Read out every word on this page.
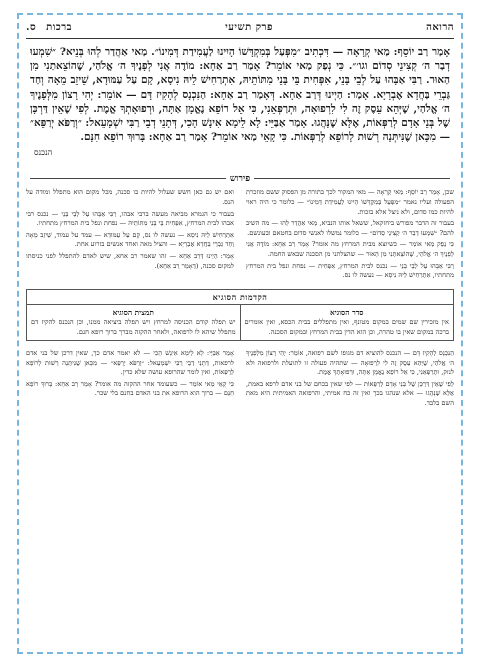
הרואה
פרק תשיעי
ברכות
ס.
אָמַר רַב יוֹסֵף: מַאי קְרָאָה — דִּכְתִיב ״מִפְּעַל בְּמִקְדָּשׁוֹ הָיִינוּ לַעֲמִידַת דְּמִינוֹ״. מַאי אַהֲדַר לְהוּ בְּנֵיא? ״שִׁמְעוּ דְבַר ה׳ קְצִינֵי סְדוֹם וגו׳״. כִּי נְפַק מַאי אוֹמֵר? אָמַר רַב אַחָא: מוֹדֶה אֲנִי לְפָנֶיךָ ה׳ אֱלֹהַי, שֶׁהוֹצֵאתַנִי מִן הַאוּר. רַבִּי אַבָּהוּ עַל לְבֵי בָּנֵי, אִפְּחִית בֵּי בָּנֵי מִתּוֹתֵיהּ, אִתְרַחִישׁ לֵיהּ נִיסָא, קָם עַל עַמּוּדָא, שֵׁיזֵב מֵאָה וְחַד גַּבְרֵי בַּחֲדָא אֶבְרָיָא. אָמַר: הַיְינוּ דְּרַב אַחָא. דְּאָמַר רַב אַחָא: הַנִּכְנָס לְהָקִיז דָּם — אוֹמֵר: יְהִי רָצוֹן מִלְּפָנֶיךָ ה׳ אֱלֹהַי, שֶׁיְּהֵא עֵסֶק זֶה לִי לִרְפוּאָה, וּתְרַפְּאֵנִי, כִּי אֵל רוֹפֵא נֶאֱמָן אַתָּה, וּרְפוּאָתְךָ אֱמֶת. לְפִי שֶׁאֵין דַּרְכָּן שֶׁל בְּנֵי אָדָם לְרַפְּאוֹת, אֶלָּא שֶׁנָּהֲגוּ. אָמַר אַבַּיֵּי: לָא לֵימָא אִינָשׁ הָכִי, דְּתָנֵי דְבֵי רַבִּי יִשְׁמָעֵאל: ״וְרַפֹּא יְרַפֵּא״ — מִכָּאן שֶׁנִּיתְּנָה רְשׁוּת לָרוֹפֵא לְרַפְּאוֹת. כִּי קָאֵי מַאי אוֹמֵר? אָמַר רַב אַחָא: בָּרוּךְ רוֹפֵא חִנָּם.
הנכנס
פירוש

שכן, אָמַר רַב יוֹסֵף: מַאי קְרָאָה — מאי המקור לכך בתורה מן הפסוק ששם מוזכרת הפעולה ועליו נאמר ״מִפְּעַל בְּמִקְדָּשׁוֹ הָיִינוּ לַעֲמִידַת דְּמִינוֹ״ — כלומר כי היה ראוי להיות כמו סדום, ולא ניצל אלא בזכות.

בעבור זה הדבר מפורש ביחזקאל, ששאל אותו הנביא, מַאי אַהֲדַר לְהוּ — מה השיב להם? ״שִׁמְעוּ דְבַר ה׳ קְצִינֵי סְדוֹם״ — כלומר נמשלו לאנשי סדום בחטאם ובעונשם.

כִּי נְפַק מַאי אוֹמֵר — כשיוצא מבית המרחץ מה אומר? אָמַר רַב אַחָא: מוֹדֶה אֲנִי לְפָנֶיךָ ה׳ אֱלֹהַי, שֶׁהוֹצֵאתַנִי מִן הָאוּר — שהצלתני מן הסכנה שבאש החמה.

רַבִּי אַבָּהוּ עַל לְבֵי בָּנֵי — נכנס לבית המרחץ, אִפְּחִית — נפחת ונפל בית המרחץ מתחתיו, אִתְרַחִישׁ לֵיהּ נִיסָא — נעשה לו נס.

ואם יש גם כאן חשש שעלול להיות בו סכנה, מכל מקום הוא מתפלל ומודה על הנס.

בעבור כי הגמרא מביאה מעשה ברבי אבהו, רַבִּי אַבָּהוּ עַל לְבֵי בָּנֵי — נכנס רבי אבהו לבית המרחץ, אִפְּחִית בֵּי בָּנֵי מִתּוֹתֵיהּ — נפחת ונפל בית המרחץ מתחתיו.

אִתְרַחִישׁ לֵיהּ נִיסָא — נעשה לו נס, קָם עַל עַמּוּדָא — עמד על עמוד, שֵׁיזֵב מֵאָה וְחַד גַּבְרֵי בַּחֲדָא אֶבְרָיָא — והציל מאה ואחד אנשים בזרוע אחת.

אָמַר: הַיְינוּ דְּרַב אַחָא — זהו שאמר רב אחא, שיש לאדם להתפלל לפני כניסתו למקום סכנה, (דְּאָמַר רַב אַחָא).

הקדמות הסוגיא
סדר הסוגיא
אין מזכירין שם שמים במקום מטונף, ואין מתפללים בבית הכסא, ואין אומרים ברכה במקום שאין בו טהרה, וכן הוא הדין בבית המרחץ ובמקום הסכנה.
תמצית הסוגיא
יש תפלה קודם הכניסה למרחץ ויש תפלה ביציאה ממנו, וכן הנכנס להקיז דם מתפלל שיהא לו לרפואה, ולאחר ההקזה מברך ברוך רופא חנם.

הַנִּכְנָס לְהָקִיז דָּם — הנכנס להוציא דם מגופו לשם רפואה, אוֹמֵר: יְהִי רָצוֹן מִלְּפָנֶיךָ ה׳ אֱלֹהַי, שֶׁיְּהֵא עֵסֶק זֶה לִי לִרְפוּאָה — שתהיה פעולה זו לתועלת ולרפואה ולא לנזק, וּתְרַפְּאֵנִי, כִּי אֵל רוֹפֵא נֶאֱמָן אַתָּה, וּרְפוּאָתְךָ אֱמֶת.

לְפִי שֶׁאֵין דַּרְכָּן שֶׁל בְּנֵי אָדָם לְרַפְּאוֹת — לפי שאין בכחם של בני אדם לרפא באמת, אֶלָּא שֶׁנָּהֲגוּ — אלא שנהגו בכך ואין זה כח אמיתי, והרפואה האמיתית היא מאת השם בלבד.

אָמַר אַבַּיֵּי: לָא לֵימָא אִינָשׁ הָכִי — לא יאמר אדם כך, שאין דרכן של בני אדם לרפאות, דְּתָנֵי דְבֵי רַבִּי יִשְׁמָעֵאל: ״וְרַפֹּא יְרַפֵּא״ — מִכָּאן שֶׁנִּיתְּנָה רְשׁוּת לָרוֹפֵא לְרַפְּאוֹת, ואין לומר שהרופא עושה שלא כדין.

כִּי קָאֵי מַאי אוֹמֵר — כשעומד אחר ההקזה מה אומר? אָמַר רַב אַחָא: בָּרוּךְ רוֹפֵא חִנָּם — ברוך הוא הרופא את בני האדם בחנם בלי שכר.
